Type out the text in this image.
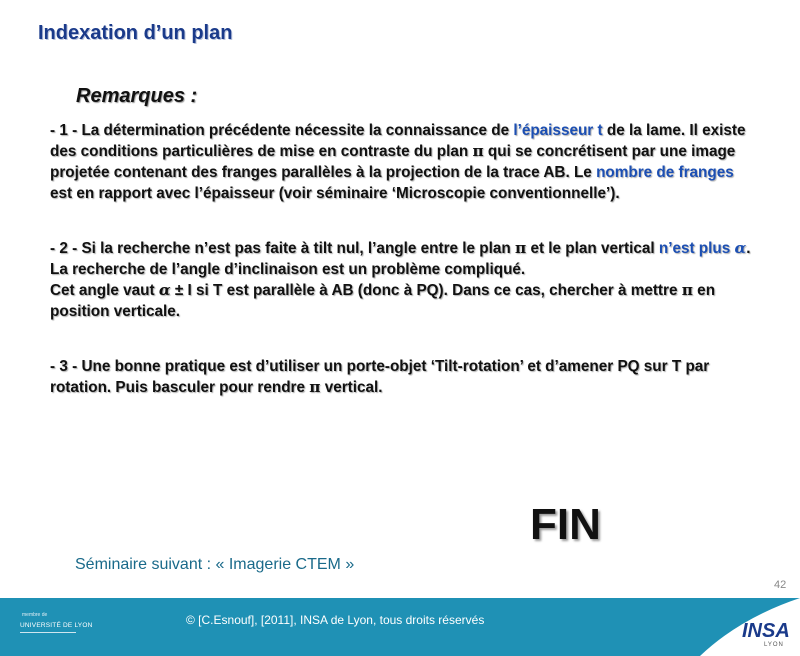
Indexation d’un plan
Remarques :
- 1 - La détermination précédente nécessite la connaissance de l’épaisseur t de la lame. Il existe des conditions particulières de mise en contraste du plan π qui se concrétisent par une image projetée contenant des franges parallèles à la projection de la trace AB. Le nombre de franges est en rapport avec l’épaisseur (voir séminaire ‘Microscopie conventionnelle’).
- 2 - Si la recherche n’est pas faite à tilt nul, l’angle entre le plan π et le plan vertical n’est plus α. La recherche de l’angle d’inclinaison est un problème compliqué.
Cet angle vaut α ± I si T est parallèle à AB (donc à PQ). Dans ce cas, chercher à mettre π en position verticale.
- 3 - Une bonne pratique est d’utiliser un porte-objet ‘Tilt-rotation’ et d’amener PQ sur T par rotation. Puis basculer pour rendre π vertical.
FIN
Séminaire suivant : « Imagerie CTEM »
42
membre de
UNIVERSITÉ DE LYON	© [C.Esnouf], [2011], INSA de Lyon, tous droits réservés	INSA
LYON
